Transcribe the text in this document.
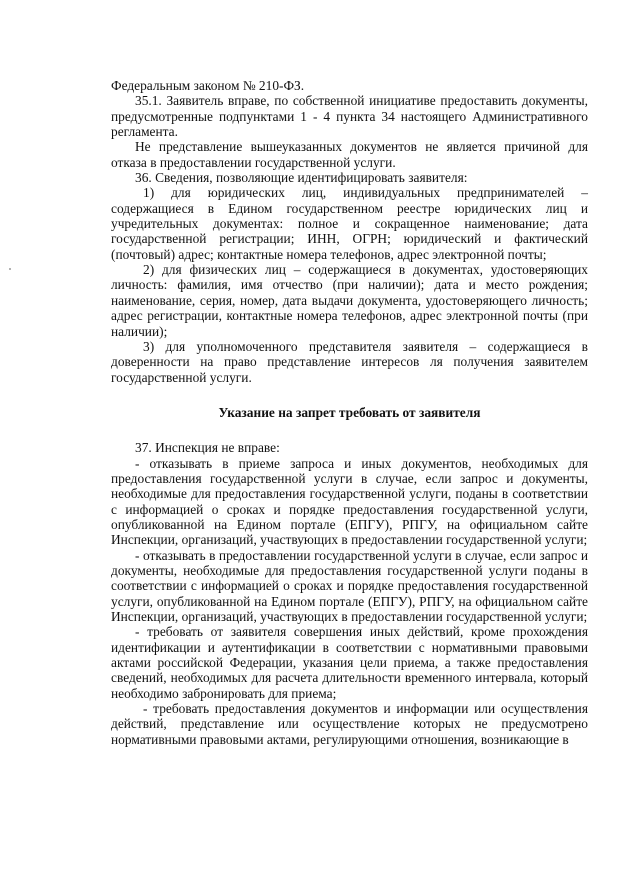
Федеральным законом № 210-ФЗ.

35.1. Заявитель вправе, по собственной инициативе предоставить документы, предусмотренные подпунктами 1 - 4 пункта 34 настоящего Административного регламента.

Не представление вышеуказанных документов не является причиной для отказа в предоставлении государственной услуги.

36. Сведения, позволяющие идентифицировать заявителя:

1) для юридических лиц, индивидуальных предпринимателей – содержащиеся в Едином государственном реестре юридических лиц и учредительных документах: полное и сокращенное наименование; дата государственной регистрации; ИНН, ОГРН; юридический и фактический (почтовый) адрес; контактные номера телефонов, адрес электронной почты;

2) для физических лиц – содержащиеся в документах, удостоверяющих личность: фамилия, имя отчество (при наличии); дата и место рождения; наименование, серия, номер, дата выдачи документа, удостоверяющего личность; адрес регистрации, контактные номера телефонов, адрес электронной почты (при наличии);

3) для уполномоченного представителя заявителя – содержащиеся в доверенности на право представление интересов ля получения заявителем государственной услуги.

Указание на запрет требовать от заявителя

37. Инспекция не вправе:

- отказывать в приеме запроса и иных документов, необходимых для предоставления государственной услуги в случае, если запрос и документы, необходимые для предоставления государственной услуги, поданы в соответствии с информацией о сроках и порядке предоставления государственной услуги, опубликованной на Едином портале (ЕПГУ), РПГУ, на официальном сайте Инспекции, организаций, участвующих в предоставлении государственной услуги;

- отказывать в предоставлении государственной услуги в случае, если запрос и документы, необходимые для предоставления государственной услуги поданы в соответствии с информацией о сроках и порядке предоставления государственной услуги, опубликованной на Едином портале (ЕПГУ), РПГУ, на официальном сайте Инспекции, организаций, участвующих в предоставлении государственной услуги;

- требовать от заявителя совершения иных действий, кроме прохождения идентификации и аутентификации в соответствии с нормативными правовыми актами российской Федерации, указания цели приема, а также предоставления сведений, необходимых для расчета длительности временного интервала, который необходимо забронировать для приема;

- требовать предоставления документов и информации или осуществления действий, представление или осуществление которых не предусмотрено нормативными правовыми актами, регулирующими отношения, возникающие в
